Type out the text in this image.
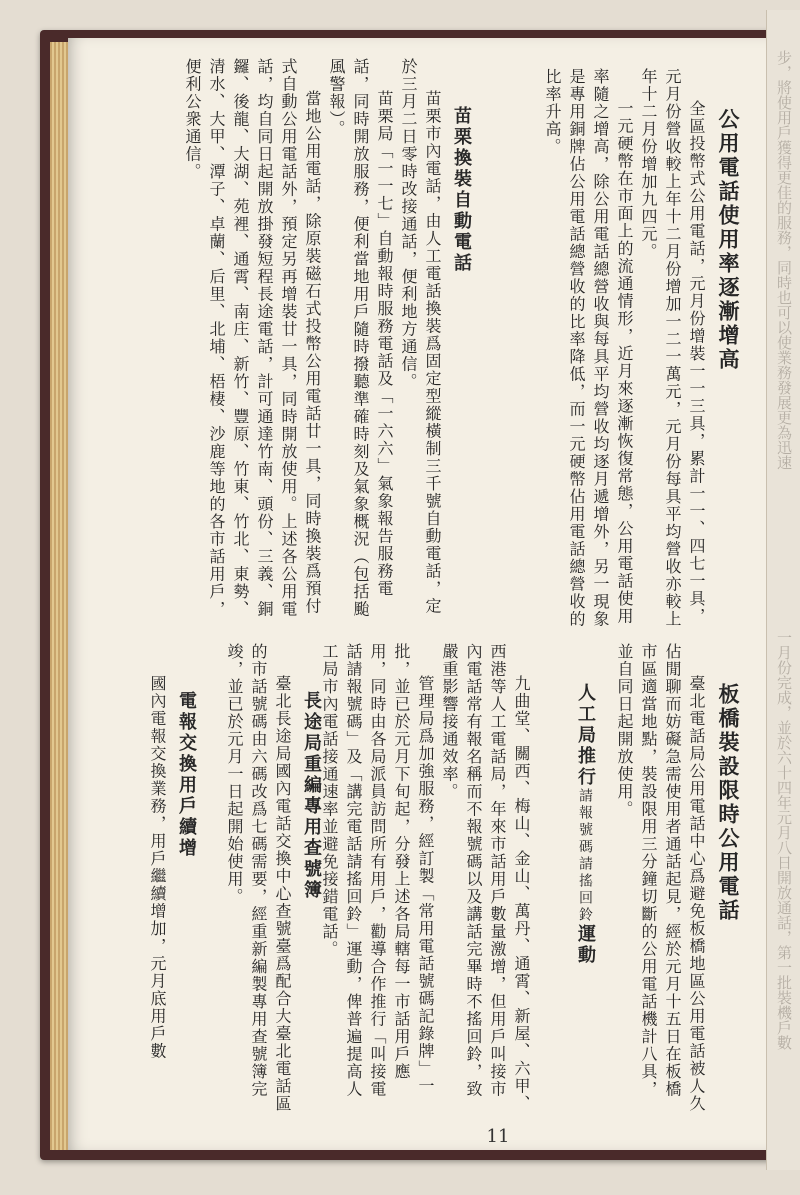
公用電話使用率逐漸增高

全區投幣式公用電話，元月份增裝一一三具，累計一一、四七一具，元月份營收較上年十二月份增加一二一萬元，元月份每具平均營收亦較上年十二月份增加九四元。

一元硬幣在市面上的流通情形，近月來逐漸恢復常態，公用電話使用率隨之增高，除公用電話總營收與每具平均營收均逐月遞增外，另一現象是專用銅牌佔公用電話總營收的比率降低，而一元硬幣佔用電話總營收的比率升高。

苗栗換裝自動電話

苗栗市內電話，由人工電話換裝爲固定型縱橫制三千號自動電話，定於三月二日零時改接通話，便利地方通信。

苗栗局「一一七」自動報時服務電話及「一六六」氣象報告服務電話，同時開放服務，便利當地用戶隨時撥聽準確時刻及氣象概況（包括颱風警報）。

當地公用電話，除原裝磁石式投幣公用電話廿一具，同時換裝爲預付式自動公用電話外，預定另再增裝廿一具，同時開放使用。上述各公用電話，均自同日起開放掛發短程長途電話，計可通達竹南、頭份、三義、銅鑼、後龍、大湖、苑裡、通霄、南庄、新竹、豐原、竹東、竹北、東勢、清水、大甲、潭子、卓蘭、后里、北埔、梧棲、沙鹿等地的各市話用戶，便利公衆通信。

板橋裝設限時公用電話

臺北電話局公用電話中心爲避免板橋地區公用電話被人久佔閒聊而妨礙急需使用者通話起見，經於元月十五日在板橋市區適當地點，裝設限用三分鐘切斷的公用電話機計八具，並自同日起開放使用。

人工局推行請報號碼請搖回鈴運動

九曲堂、關西、梅山、金山、萬丹、通霄、新屋、六甲、西港等人工電話局，年來市話用戶數量激增，但用戶叫接市內電話常有報名稱而不報號碼以及講話完畢時不搖回鈴，致嚴重影響接通效率。

管理局爲加強服務，經訂製「常用電話號碼記錄牌」一批，並已於元月下旬起，分發上述各局轄每一市話用戶應用，同時由各局派員訪問所有用戶，勸導合作推行「叫接電話請報號碼」及「講完電話請搖回鈴」運動，俾普遍提高人工局市內電話接通速率並避免接錯電話。

長途局重編專用查號簿

臺北長途局國內電話交換中心查號臺爲配合大臺北電話區的市話號碼由六碼改爲七碼需要，經重新編製專用查號簿完竣，並已於元月一日起開始使用。

電報交換用戶續增

國內電報交換業務，用戶繼續增加，元月底用戶數

11
步，將使用戶獲得更佳的服務，同時也可以使業務發展更為迅速
一月份完成，並於六十四年元月八日開放通話，第一批裝機戶數
